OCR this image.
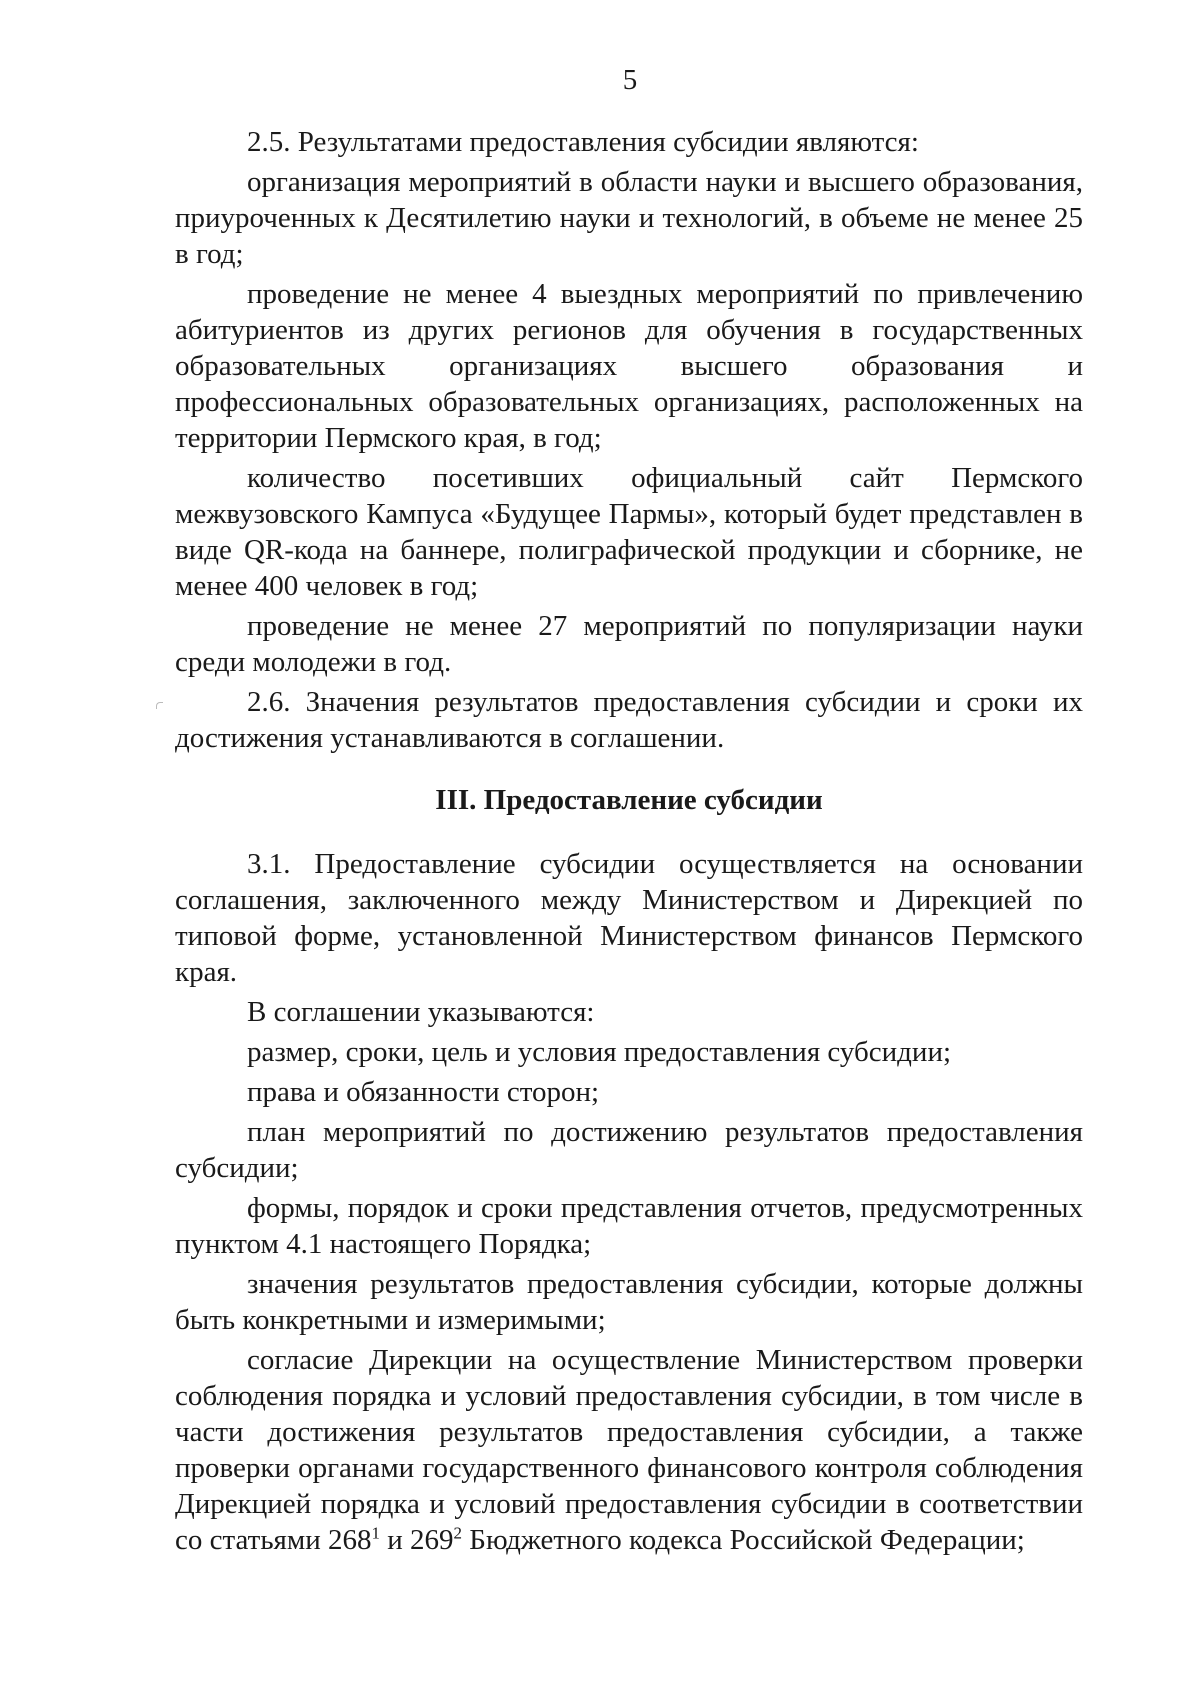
5

2.5. Результатами предоставления субсидии являются:

организация мероприятий в области науки и высшего образования, приуроченных к Десятилетию науки и технологий, в объеме не менее 25 в год;

проведение не менее 4 выездных мероприятий по привлечению абитуриентов из других регионов для обучения в государственных образовательных организациях высшего образования и профессиональных образовательных организациях, расположенных на территории Пермского края, в год;

количество посетивших официальный сайт Пермского межвузовского Кампуса «Будущее Пармы», который будет представлен в виде QR-кода на баннере, полиграфической продукции и сборнике, не менее 400 человек в год;

проведение не менее 27 мероприятий по популяризации науки среди молодежи в год.

2.6. Значения результатов предоставления субсидии и сроки их достижения устанавливаются в соглашении.

III. Предоставление субсидии

3.1. Предоставление субсидии осуществляется на основании соглашения, заключенного между Министерством и Дирекцией по типовой форме, установленной Министерством финансов Пермского края.

В соглашении указываются:

размер, сроки, цель и условия предоставления субсидии;

права и обязанности сторон;

план мероприятий по достижению результатов предоставления субсидии;

формы, порядок и сроки представления отчетов, предусмотренных пунктом 4.1 настоящего Порядка;

значения результатов предоставления субсидии, которые должны быть конкретными и измеримыми;

согласие Дирекции на осуществление Министерством проверки соблюдения порядка и условий предоставления субсидии, в том числе в части достижения результатов предоставления субсидии, а также проверки органами государственного финансового контроля соблюдения Дирекцией порядка и условий предоставления субсидии в соответствии со статьями $268^1$ и $269^2$ Бюджетного кодекса Российской Федерации;
